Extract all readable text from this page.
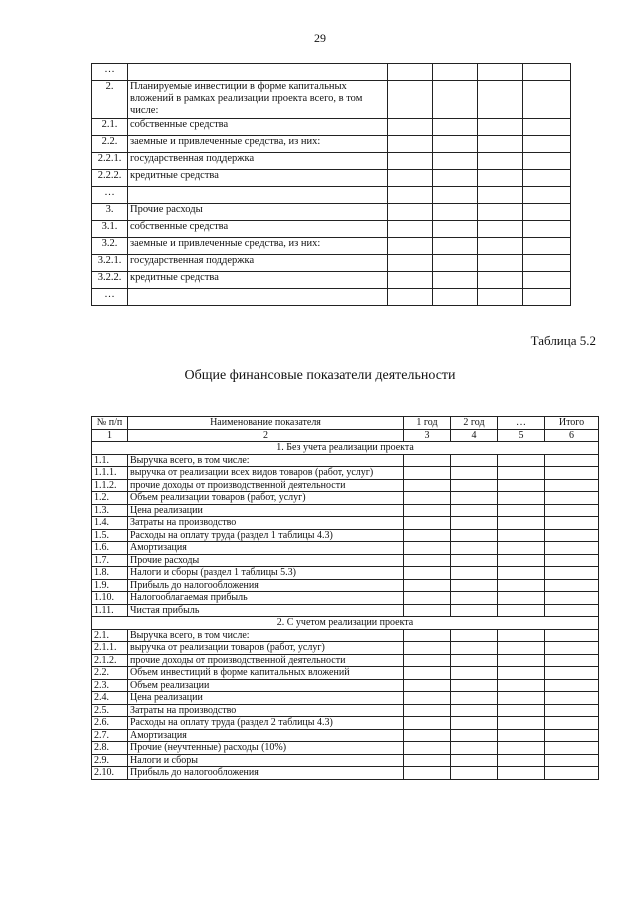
29
…					
2.	Планируемые инвестиции в форме капитальных вложений в рамках реализации проекта всего, в том числе:				
2.1.	собственные средства				
2.2.	заемные и привлеченные средства, из них:				
2.2.1.	государственная поддержка				
2.2.2.	кредитные средства				
…					
3.	Прочие расходы				
3.1.	собственные средства				
3.2.	заемные и привлеченные средства, из них:				
3.2.1.	государственная поддержка				
3.2.2.	кредитные средства				
…					
Таблица 5.2
Общие финансовые показатели деятельности
№ п/п	Наименование показателя	1 год	2 год	…	Итого
1	2	3	4	5	6
1. Без учета реализации проекта					
1.1.	Выручка всего, в том числе:				
1.1.1.	выручка от реализации всех видов товаров (работ, услуг)				
1.1.2.	прочие доходы от производственной деятельности				
1.2.	Объем реализации товаров (работ, услуг)				
1.3.	Цена реализации				
1.4.	Затраты на производство				
1.5.	Расходы на оплату труда (раздел 1 таблицы 4.3)				
1.6.	Амортизация				
1.7.	Прочие расходы				
1.8.	Налоги и сборы (раздел 1 таблицы 5.3)				
1.9.	Прибыль до налогообложения				
1.10.	Налогооблагаемая прибыль				
1.11.	Чистая прибыль				
2. С учетом реализации проекта					
2.1.	Выручка всего, в том числе:				
2.1.1.	выручка от реализации товаров (работ, услуг)				
2.1.2.	прочие доходы от производственной деятельности				
2.2.	Объем инвестиций в форме капитальных вложений				
2.3.	Объем реализации				
2.4.	Цена реализации				
2.5.	Затраты на производство				
2.6.	Расходы на оплату труда (раздел 2 таблицы 4.3)				
2.7.	Амортизация				
2.8.	Прочие (неучтенные) расходы (10%)				
2.9.	Налоги и сборы				
2.10.	Прибыль до налогообложения				
